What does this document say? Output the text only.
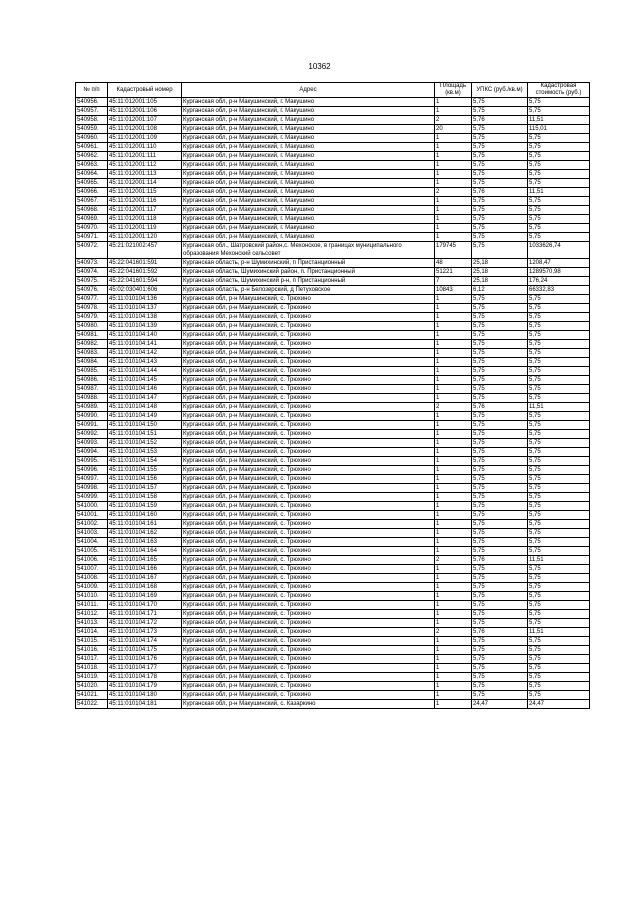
10362
№ п/п	Кадастровый номер	Адрес	Площадь (кв.м)	УПКС (руб./кв.м)	Кадастровая стоимость (руб.)
540956.	45:11:012001:105	Курганская обл, р-н Макушинский, г. Макушино	1	5,75	5,75
540957.	45:11:012001:106	Курганская обл, р-н Макушинский, г. Макушино	1	5,75	5,75
540958.	45:11:012001:107	Курганская обл, р-н Макушинский, г. Макушино	2	5,76	11,51
540959.	45:11:012001:108	Курганская обл, р-н Макушинский, г. Макушино	20	5,75	115,01
540960.	45:11:012001:109	Курганская обл, р-н Макушинский, г. Макушино	1	5,75	5,75
540961.	45:11:012001:110	Курганская обл, р-н Макушинский, г. Макушино	1	5,75	5,75
540962.	45:11:012001:111	Курганская обл, р-н Макушинский, г. Макушино	1	5,75	5,75
540963.	45:11:012001:112	Курганская обл, р-н Макушинский, г. Макушино	1	5,75	5,75
540964.	45:11:012001:113	Курганская обл, р-н Макушинский, г. Макушино	1	5,75	5,75
540965.	45:11:012001:114	Курганская обл, р-н Макушинский, г. Макушино	1	5,75	5,75
540966.	45:11:012001:115	Курганская обл, р-н Макушинский, г. Макушино	2	5,76	11,51
540967.	45:11:012001:116	Курганская обл, р-н Макушинский, г. Макушино	1	5,75	5,75
540968.	45:11:012001:117	Курганская обл, р-н Макушинский, г. Макушино	1	5,75	5,75
540969.	45:11:012001:118	Курганская обл, р-н Макушинский, г. Макушино	1	5,75	5,75
540970.	45:11:012001:119	Курганская обл, р-н Макушинский, г. Макушино	1	5,75	5,75
540971.	45:11:012001:120	Курганская обл, р-н Макушинский, г. Макушино	1	5,75	5,75
540972.	45:21:021002:457	Курганская обл., Шатровский район,с. Мехонское, в границах муниципального образования Мехонский сельсовет	179745	5,75	1033626,74
540973.	45:22:041601:591	Курганская область, р-н Шумихинский, п Пристанционный	48	25,18	1208,47
540974.	45:22:041601:592	Курганская область, Шумихинский район, п. Пристанционный	51221	25,18	1289570,98
540975.	45:22:041601:594	Курганская область, Шумихинский р-н, п Пристанционный	7	25,18	176,24
540976.	45:02:030401:606	Курганская область, р-н Белозерский, д Петуховское	10843	6,12	66332,83
540977.	45:11:010104:136	Курганская обл, р-н Макушинский, с. Трюхино	1	5,75	5,75
540978.	45:11:010104:137	Курганская обл, р-н Макушинский, с. Трюхино	1	5,75	5,75
540979.	45:11:010104:138	Курганская обл, р-н Макушинский, с. Трюхино	1	5,75	5,75
540980.	45:11:010104:139	Курганская обл, р-н Макушинский, с. Трюхино	1	5,75	5,75
540981.	45:11:010104:140	Курганская обл, р-н Макушинский, с. Трюхино	1	5,75	5,75
540982.	45:11:010104:141	Курганская обл, р-н Макушинский, с. Трюхино	1	5,75	5,75
540983.	45:11:010104:142	Курганская обл, р-н Макушинский, с. Трюхино	1	5,75	5,75
540984.	45:11:010104:143	Курганская обл, р-н Макушинский, с. Трюхино	1	5,75	5,75
540985.	45:11:010104:144	Курганская обл, р-н Макушинский, с. Трюхино	1	5,75	5,75
540986.	45:11:010104:145	Курганская обл, р-н Макушинский, с. Трюхино	1	5,75	5,75
540987.	45:11:010104:146	Курганская обл, р-н Макушинский, с. Трюхино	1	5,75	5,75
540988.	45:11:010104:147	Курганская обл, р-н Макушинский, с. Трюхино	1	5,75	5,75
540989.	45:11:010104:148	Курганская обл, р-н Макушинский, с. Трюхино	2	5,76	11,51
540990.	45:11:010104:149	Курганская обл, р-н Макушинский, с. Трюхино	1	5,75	5,75
540991.	45:11:010104:150	Курганская обл, р-н Макушинский, с. Трюхино	1	5,75	5,75
540992.	45:11:010104:151	Курганская обл, р-н Макушинский, с. Трюхино	1	5,75	5,75
540993.	45:11:010104:152	Курганская обл, р-н Макушинский, с. Трюхино	1	5,75	5,75
540994.	45:11:010104:153	Курганская обл, р-н Макушинский, с. Трюхино	1	5,75	5,75
540995.	45:11:010104:154	Курганская обл, р-н Макушинский, с. Трюхино	1	5,75	5,75
540996.	45:11:010104:155	Курганская обл, р-н Макушинский, с. Трюхино	1	5,75	5,75
540997.	45:11:010104:156	Курганская обл, р-н Макушинский, с. Трюхино	1	5,75	5,75
540998.	45:11:010104:157	Курганская обл, р-н Макушинский, с. Трюхино	1	5,75	5,75
540999.	45:11:010104:158	Курганская обл, р-н Макушинский, с. Трюхино	1	5,75	5,75
541000.	45:11:010104:159	Курганская обл, р-н Макушинский, с. Трюхино	1	5,75	5,75
541001.	45:11:010104:160	Курганская обл, р-н Макушинский, с. Трюхино	1	5,75	5,75
541002.	45:11:010104:161	Курганская обл, р-н Макушинский, с. Трюхино	1	5,75	5,75
541003.	45:11:010104:162	Курганская обл, р-н Макушинский, с. Трюхино	1	5,75	5,75
541004.	45:11:010104:163	Курганская обл, р-н Макушинский, с. Трюхино	1	5,75	5,75
541005.	45:11:010104:164	Курганская обл, р-н Макушинский, с. Трюхино	1	5,75	5,75
541006.	45:11:010104:165	Курганская обл, р-н Макушинский, с. Трюхино	2	5,76	11,51
541007.	45:11:010104:166	Курганская обл, р-н Макушинский, с. Трюхино	1	5,75	5,75
541008.	45:11:010104:167	Курганская обл, р-н Макушинский, с. Трюхино	1	5,75	5,75
541009.	45:11:010104:168	Курганская обл, р-н Макушинский, с. Трюхино	1	5,75	5,75
541010.	45:11:010104:169	Курганская обл, р-н Макушинский, с. Трюхино	1	5,75	5,75
541011.	45:11:010104:170	Курганская обл, р-н Макушинский, с. Трюхино	1	5,75	5,75
541012.	45:11:010104:171	Курганская обл, р-н Макушинский, с. Трюхино	1	5,75	5,75
541013.	45:11:010104:172	Курганская обл, р-н Макушинский, с. Трюхино	1	5,75	5,75
541014.	45:11:010104:173	Курганская обл, р-н Макушинский, с. Трюхино	2	5,76	11,51
541015.	45:11:010104:174	Курганская обл, р-н Макушинский, с. Трюхино	1	5,75	5,75
541016.	45:11:010104:175	Курганская обл, р-н Макушинский, с. Трюхино	1	5,75	5,75
541017.	45:11:010104:176	Курганская обл, р-н Макушинский, с. Трюхино	1	5,75	5,75
541018.	45:11:010104:177	Курганская обл, р-н Макушинский, с. Трюхино	1	5,75	5,75
541019.	45:11:010104:178	Курганская обл, р-н Макушинский, с. Трюхино	1	5,75	5,75
541020.	45:11:010104:179	Курганская обл, р-н Макушинский, с. Трюхино	1	5,75	5,75
541021.	45:11:010104:180	Курганская обл, р-н Макушинский, с. Трюхино	1	5,75	5,75
541022.	45:11:010104:181	Курганская обл, р-н Макушинский, с. Казаркино	1	24,47	24,47
